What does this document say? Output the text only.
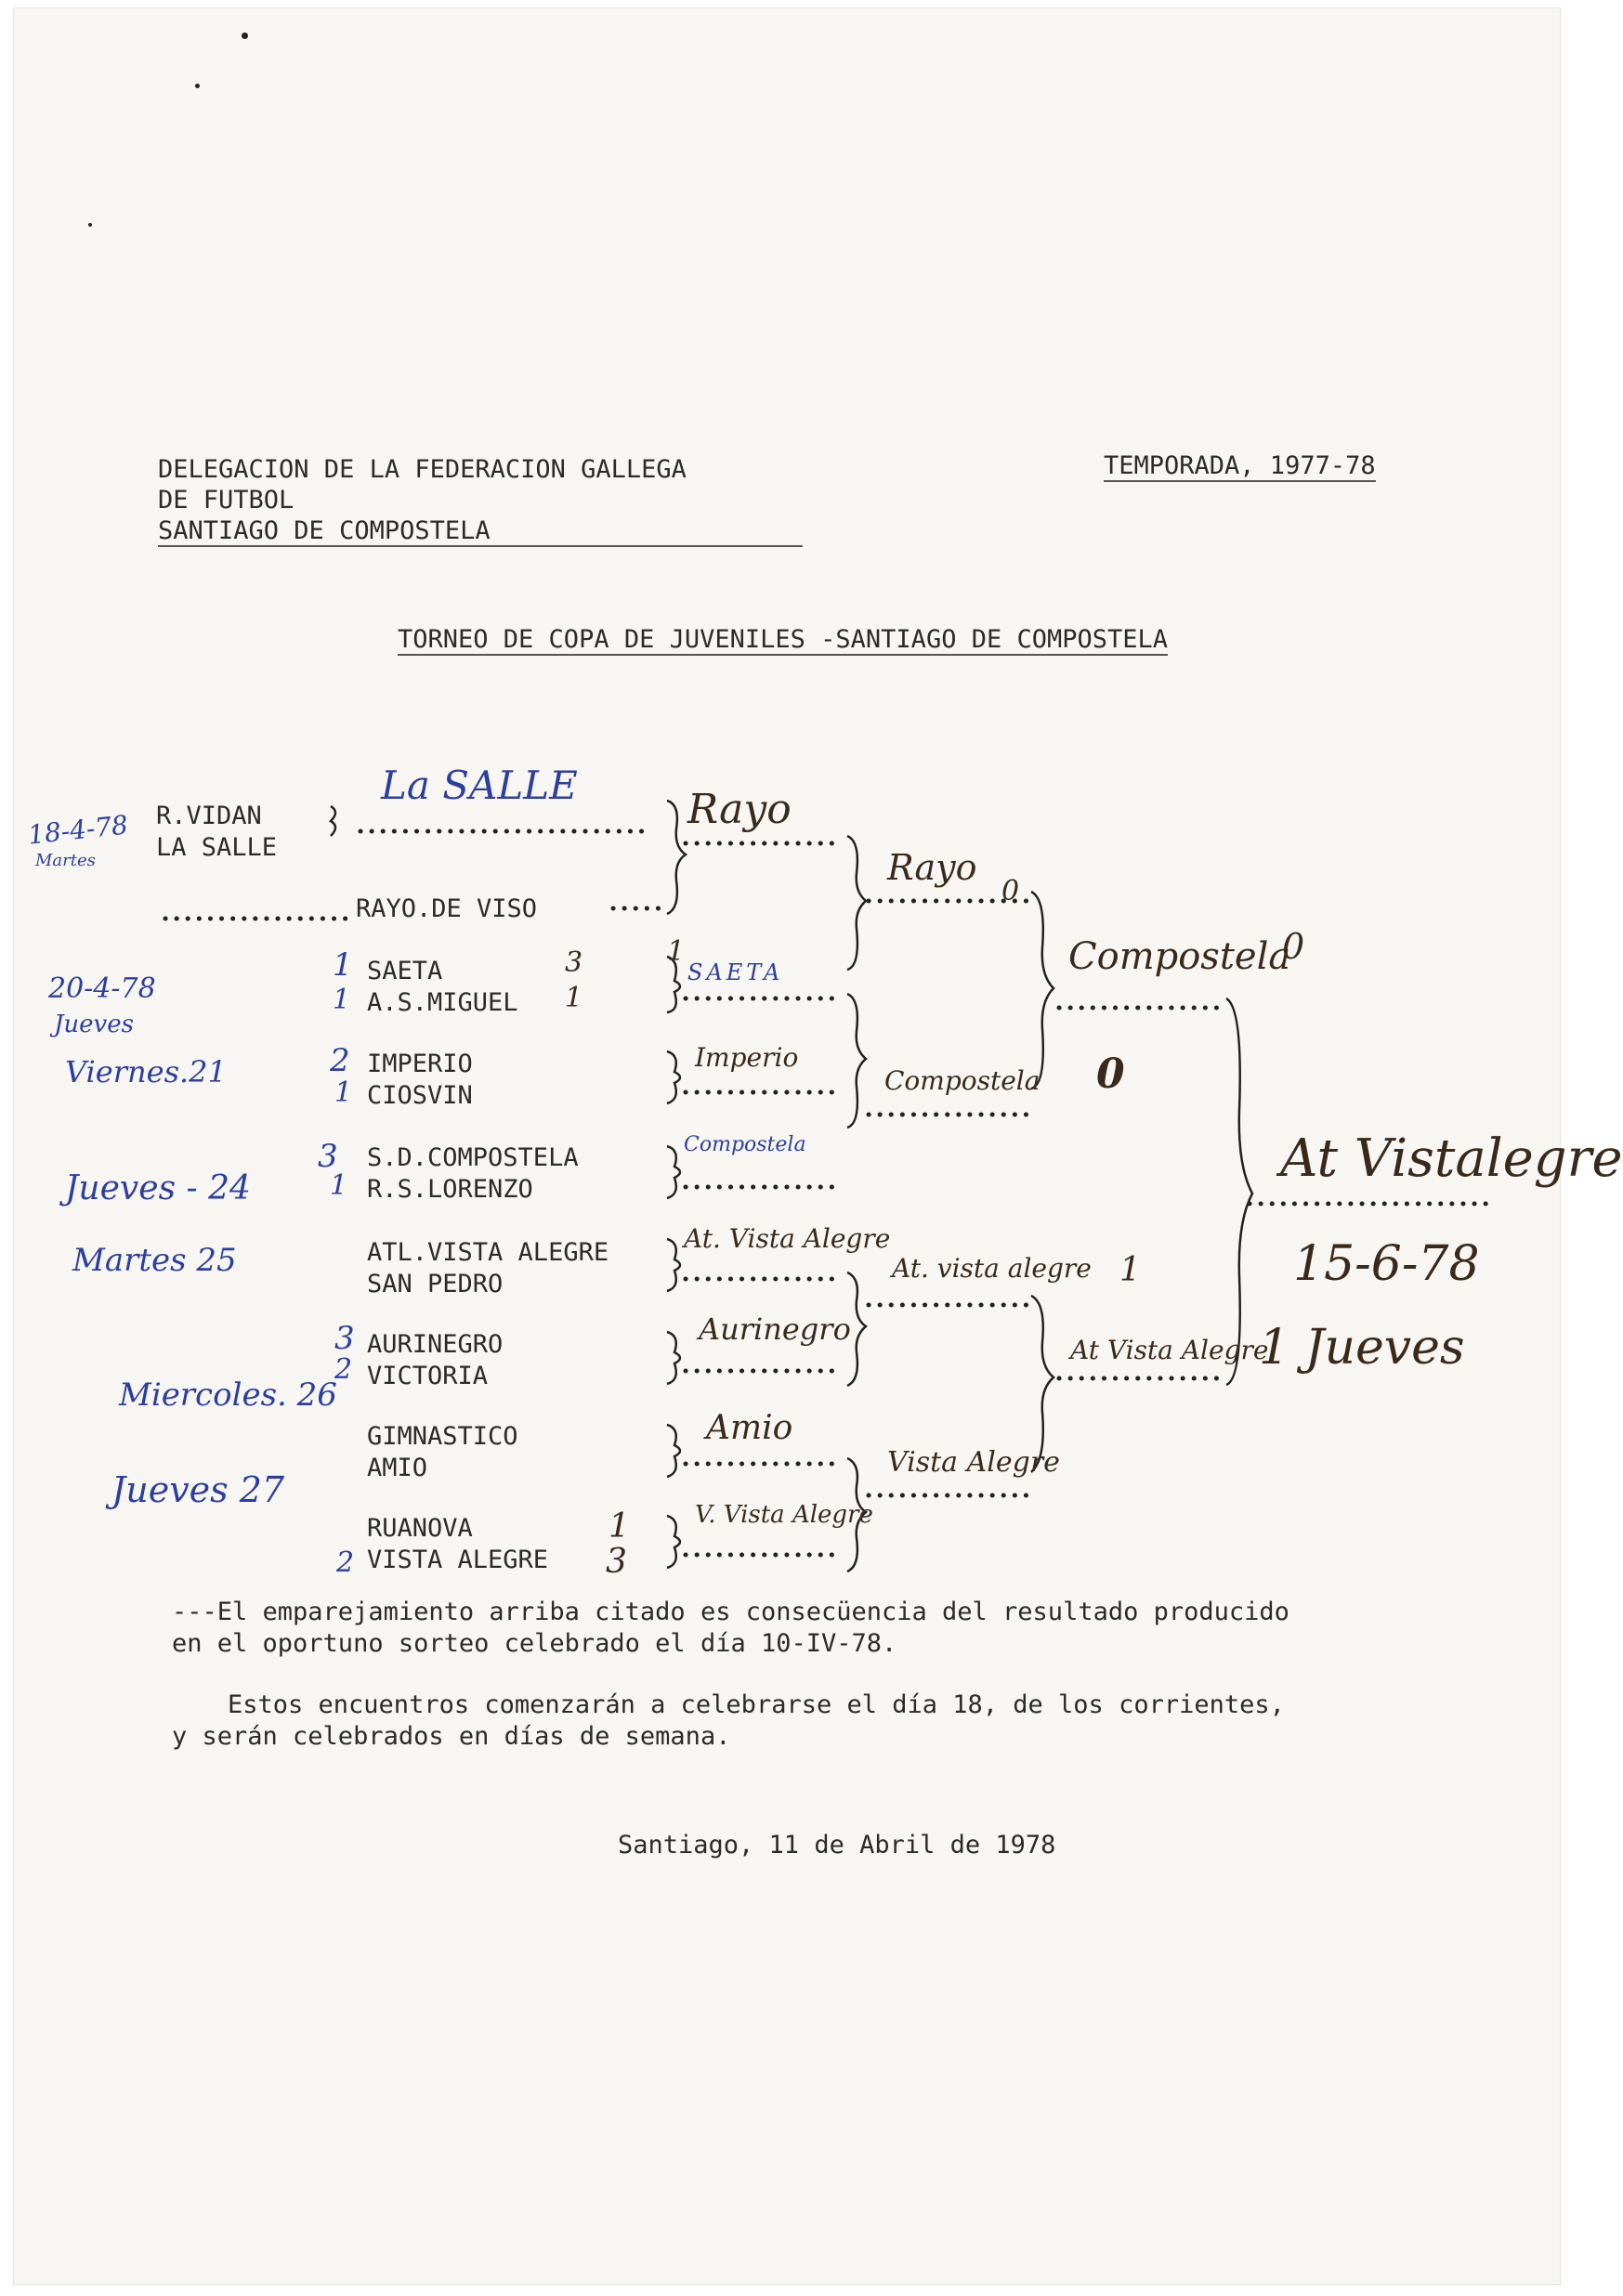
DELEGACION DE LA FEDERACION GALLEGA
DE FUTBOL
SANTIAGO DE COMPOSTELA
TEMPORADA, 1977-78
TORNEO DE COPA DE JUVENILES -SANTIAGO DE COMPOSTELA
R.VIDAN
LA SALLE
RAYO.DE VISO
SAETA
A.S.MIGUEL
IMPERIO
CIOSVIN
S.D.COMPOSTELA
R.S.LORENZO
ATL.VISTA ALEGRE
SAN PEDRO
AURINEGRO
VICTORIA
GIMNASTICO
AMIO
RUANOVA
VISTA ALEGRE
La SALLE
Rayo
SAETA
Imperio
Compostela
At. Vista Alegre
Aurinegro
Amio
V. Vista Alegre
Rayo
Compostela
At. vista alegre
Vista Alegre
Compostela
At Vista Alegre
At Vistalegre
15-6-78
1 Jueves
18-4-78
Martes
20-4-78
Jueves
Viernes.21
Jueves - 24
Martes 25
Miercoles. 26
Jueves 27
1
1
2
1
3
1
3
2
2
3
1
1
3
0
0
1
0
1
---El emparejamiento arriba citado es consecüencia del resultado producido
en el oportuno sorteo celebrado el día 10-IV-78.
Estos encuentros comenzarán a celebrarse el día 18, de los corrientes,
y serán celebrados en días de semana.
Santiago, 11 de Abril de 1978
